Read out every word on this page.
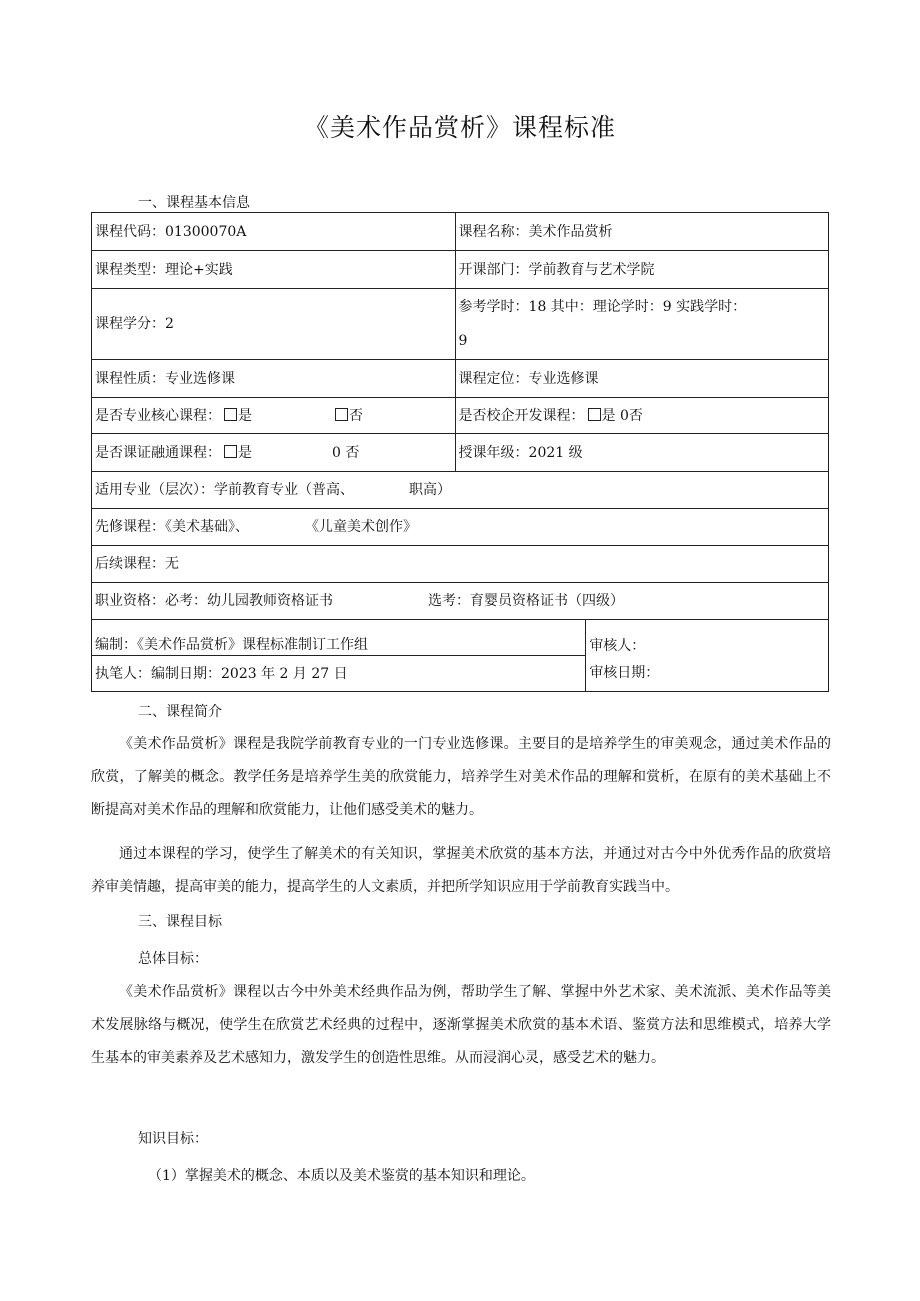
《美术作品赏析》课程标准
一、课程基本信息
课程代码：01300070A	课程名称：美术作品赏析	
课程类型：理论+实践	开课部门：学前教育与艺术学院	
课程学分：2	参考学时：18 其中：理论学时：9 实践学时：
9	

课程性质：专业选修课	课程定位：专业选修课	
是否专业核心课程： 是 否	是否校企开发课程： 是 0否	
是否课证融通课程： 是 0 否	授课年级：2021 级	
适用专业（层次）：学前教育专业（普高、 职高）		
先修课程：《美术基础》、 《儿童美术创作》		
后续课程：无		
职业资格：必考：幼儿园教师资格证书 选考：育婴员资格证书（四级）		
编制：《美术作品赏析》课程标准制订工作组		审核人：
执笔人：编制日期：2023 年 2 月 27 日		审核日期：
二、课程简介

《美术作品赏析》课程是我院学前教育专业的一门专业选修课。主要目的是培养学生的审美观念，通过美术作品的欣赏，了解美的概念。教学任务是培养学生美的欣赏能力，培养学生对美术作品的理解和赏析，在原有的美术基础上不断提高对美术作品的理解和欣赏能力，让他们感受美术的魅力。

通过本课程的学习，使学生了解美术的有关知识，掌握美术欣赏的基本方法，并通过对古今中外优秀作品的欣赏培养审美情趣，提高审美的能力，提高学生的人文素质，并把所学知识应用于学前教育实践当中。

三、课程目标
总体目标：

《美术作品赏析》课程以古今中外美术经典作品为例，帮助学生了解、掌握中外艺术家、美术流派、美术作品等美术发展脉络与概况，使学生在欣赏艺术经典的过程中，逐渐掌握美术欣赏的基本术语、鉴赏方法和思维模式，培养大学生基本的审美素养及艺术感知力，激发学生的创造性思维。从而浸润心灵，感受艺术的魅力。

知识目标：
（1）掌握美术的概念、本质以及美术鉴赏的基本知识和理论。
